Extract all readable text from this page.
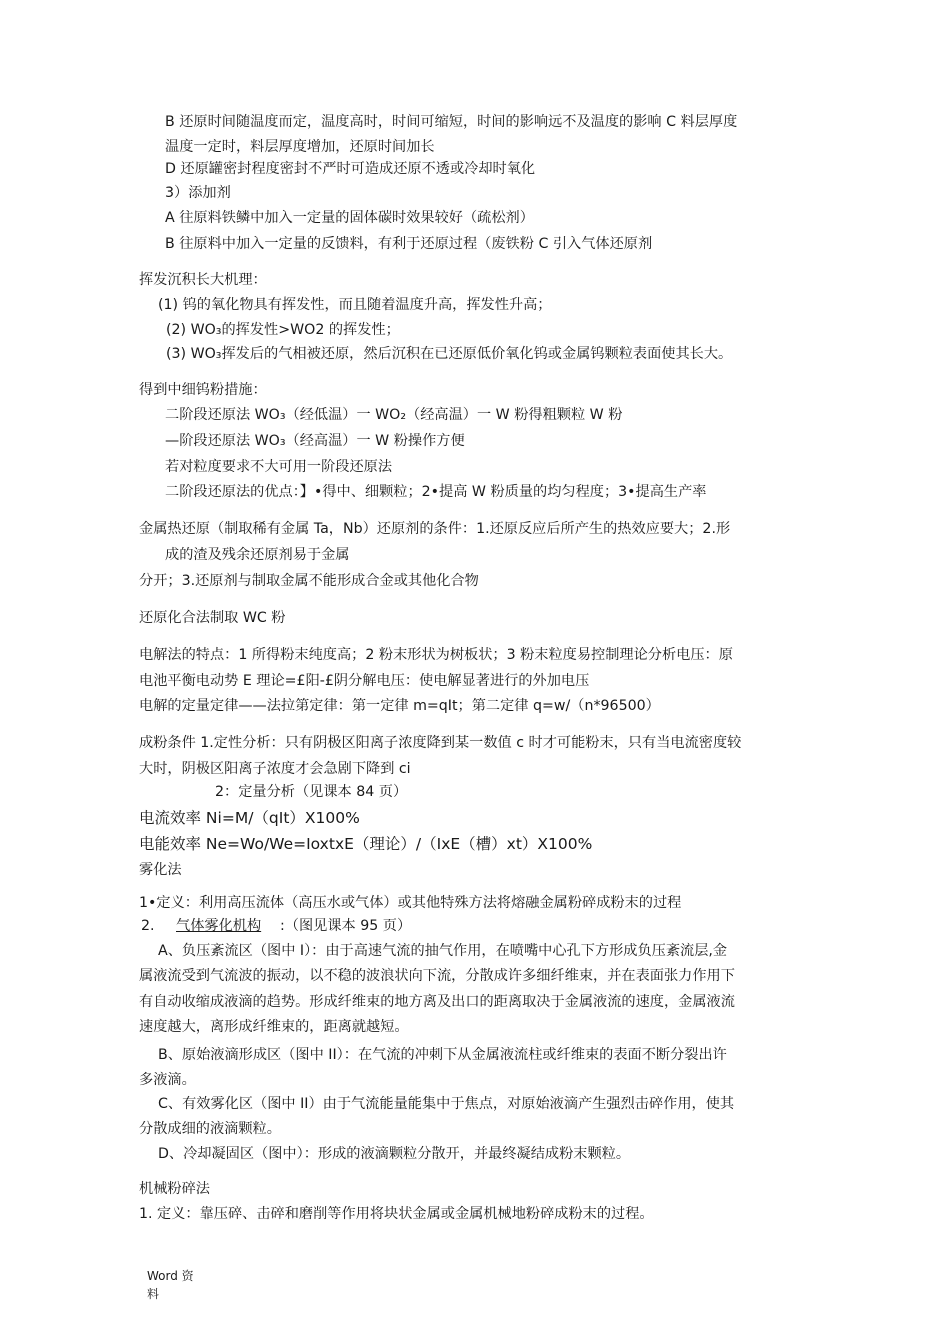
B 还原时间随温度而定，温度高时，时间可缩短，时间的影响远不及温度的影响 C 料层厚度
温度一定时，料层厚度增加，还原时间加长
D 还原罐密封程度密封不严时可造成还原不透或冷却时氧化
3）添加剂
A 往原料铁鳞中加入一定量的固体碳时效果较好（疏松剂）
B 往原料中加入一定量的反馈料，有利于还原过程（废铁粉 C 引入气体还原剂
挥发沉积长大机理：
(1) 钨的氧化物具有挥发性，而且随着温度升高，挥发性升高；
(2) WO₃的挥发性>WO2 的挥发性；
(3) WO₃挥发后的气相被还原，然后沉积在已还原低价氧化钨或金属钨颗粒表面使其长大。
得到中细钨粉措施：
二阶段还原法 WO₃（经低温）一 WO₂（经高温）一 W 粉得粗颗粒 W 粉
—阶段还原法 WO₃（经高温）一 W 粉操作方便
若对粒度要求不大可用一阶段还原法
二阶段还原法的优点：】•得中、细颗粒；2•提高 W 粉质量的均匀程度；3•提高生产率
金属热还原（制取稀有金属 Ta，Nb）还原剂的条件：1.还原反应后所产生的热效应要大；2.形
成的渣及残余还原剂易于金属
分开；3.还原剂与制取金属不能形成合金或其他化合物
还原化合法制取 WC 粉
电解法的特点：1 所得粉末纯度高；2 粉末形状为树板状；3 粉末粒度易控制理论分析电压：原
电池平衡电动势 E 理论=£阳-£阴分解电压：使电解显著进行的外加电压
电解的定量定律——法拉第定律：第一定律 m=qIt；第二定律 q=w/（n*96500）
成粉条件 1.定性分析：只有阴极区阳离子浓度降到某一数值 c 时才可能粉末，只有当电流密度较
大时，阴极区阳离子浓度才会急剧下降到 ci
2：定量分析（见课本 84 页）
电流效率 Ni=M/（qIt）X100%
电能效率 Ne=Wo/We=IoxtxE（理论）/（IxE（槽）xt）X100%
雾化法
1•定义：利用高压流体（高压水或气体）或其他特殊方法将熔融金属粉碎成粉末的过程
2. 气体雾化机构 :（图见课本 95 页）
A、负压紊流区（图中 I）：由于高速气流的抽气作用，在喷嘴中心孔下方形成负压紊流层,金
属液流受到气流波的振动，以不稳的波浪状向下流，分散成许多细纤维束，并在表面张力作用下
有自动收缩成液滴的趋势。形成纤维束的地方离及出口的距离取决于金属液流的速度，金属液流
速度越大，离形成纤维束的，距离就越短。
B、原始液滴形成区（图中 II）：在气流的冲刺下从金属液流柱或纤维束的表面不断分裂出许
多液滴。
C、有效雾化区（图中 II）由于气流能量能集中于焦点，对原始液滴产生强烈击碎作用，使其
分散成细的液滴颗粒。
D、冷却凝固区（图中）：形成的液滴颗粒分散开，并最终凝结成粉末颗粒。
机械粉碎法
1. 定义：靠压碎、击碎和磨削等作用将块状金属或金属机械地粉碎成粉末的过程。
Word 资
料
